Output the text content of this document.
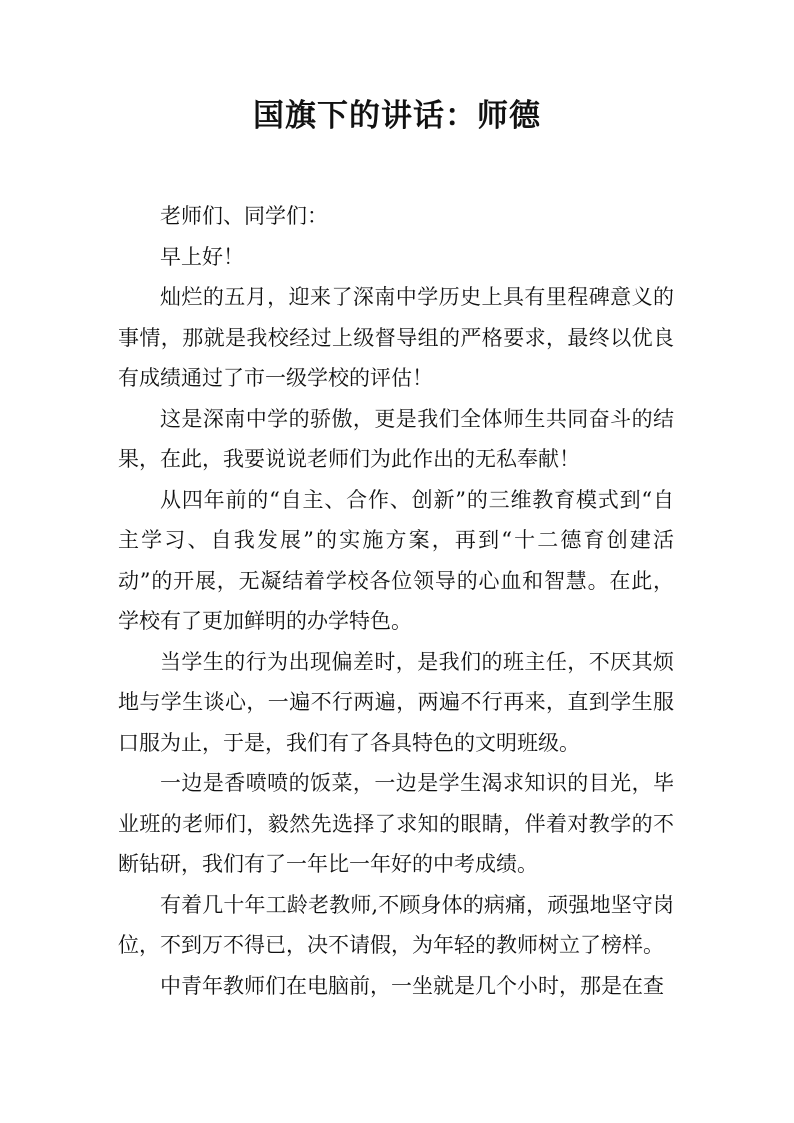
国旗下的讲话：师德

老师们、同学们：

早上好！

灿烂的五月，迎来了深南中学历史上具有里程碑意义的事情，那就是我校经过上级督导组的严格要求，最终以优良有成绩通过了市一级学校的评估！

这是深南中学的骄傲，更是我们全体师生共同奋斗的结果，在此，我要说说老师们为此作出的无私奉献！

从四年前的“自主、合作、创新”的三维教育模式到“自主学习、自我发展”的实施方案，再到“十二德育创建活动”的开展，无凝结着学校各位领导的心血和智慧。在此，学校有了更加鲜明的办学特色。

当学生的行为出现偏差时，是我们的班主任，不厌其烦地与学生谈心，一遍不行两遍，两遍不行再来，直到学生服口服为止，于是，我们有了各具特色的文明班级。

一边是香喷喷的饭菜，一边是学生渴求知识的目光，毕业班的老师们，毅然先选择了求知的眼睛，伴着对教学的不断钻研，我们有了一年比一年好的中考成绩。

有着几十年工龄老教师,不顾身体的病痛，顽强地坚守岗位，不到万不得已，决不请假，为年轻的教师树立了榜样。

中青年教师们在电脑前，一坐就是几个小时，那是在查
